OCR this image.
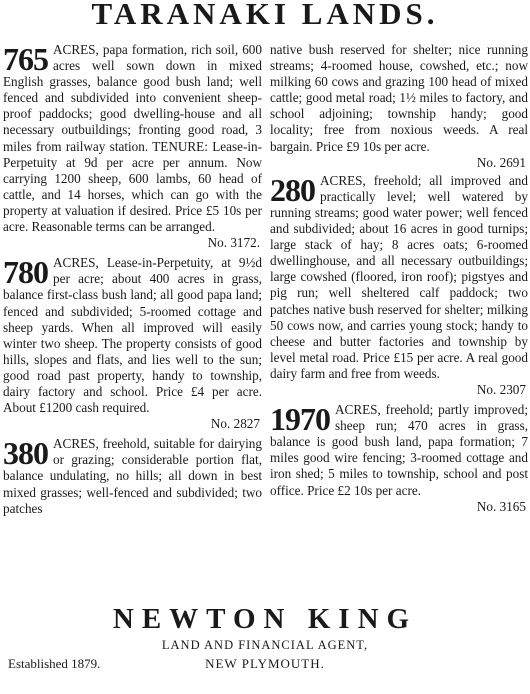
TARANAKI LANDS.
765 ACRES, papa formation, rich soil, 600 acres well sown down in mixed English grasses, balance good bush land; well fenced and subdivided into convenient sheep-proof paddocks; good dwelling-house and all necessary outbuildings; fronting good road, 3 miles from railway station. TENURE: Lease-in-Perpetuity at 9d per acre per annum. Now carrying 1200 sheep, 600 lambs, 60 head of cattle, and 14 horses, which can go with the property at valuation if desired. Price £5 10s per acre. Reasonable terms can be arranged.
No. 3172.
780 ACRES, Lease-in-Perpetuity, at 9½d per acre; about 400 acres in grass, balance first-class bush land; all good papa land; fenced and subdivided; 5-roomed cottage and sheep yards. When all improved will easily winter two sheep. The property consists of good hills, slopes and flats, and lies well to the sun; good road past property, handy to township, dairy factory and school. Price £4 per acre. About £1200 cash required.
No. 2827
380 ACRES, freehold, suitable for dairying or grazing; considerable portion flat, balance undulating, no hills; all down in best mixed grasses; well-fenced and subdivided; two patches
native bush reserved for shelter; nice running streams; 4-roomed house, cowshed, etc.; now milking 60 cows and grazing 100 head of mixed cattle; good metal road; 1½ miles to factory, and school adjoining; township handy; good locality; free from noxious weeds. A real bargain. Price £9 10s per acre.
No. 2691
280 ACRES, freehold; all improved and practically level; well watered by running streams; good water power; well fenced and subdivided; about 16 acres in good turnips; large stack of hay; 8 acres oats; 6-roomed dwellinghouse, and all necessary outbuildings; large cowshed (floored, iron roof); pigstyes and pig run; well sheltered calf paddock; two patches native bush reserved for shelter; milking 50 cows now, and carries young stock; handy to cheese and butter factories and township by level metal road. Price £15 per acre. A real good dairy farm and free from weeds.
No. 2307
1970 ACRES, freehold; partly improved; sheep run; 470 acres in grass, balance is good bush land, papa formation; 7 miles good wire fencing; 3-roomed cottage and iron shed; 5 miles to township, school and post office. Price £2 10s per acre.
No. 3165
NEWTON KING
LAND AND FINANCIAL AGENT,
Established 1879.	NEW PLYMOUTH.
